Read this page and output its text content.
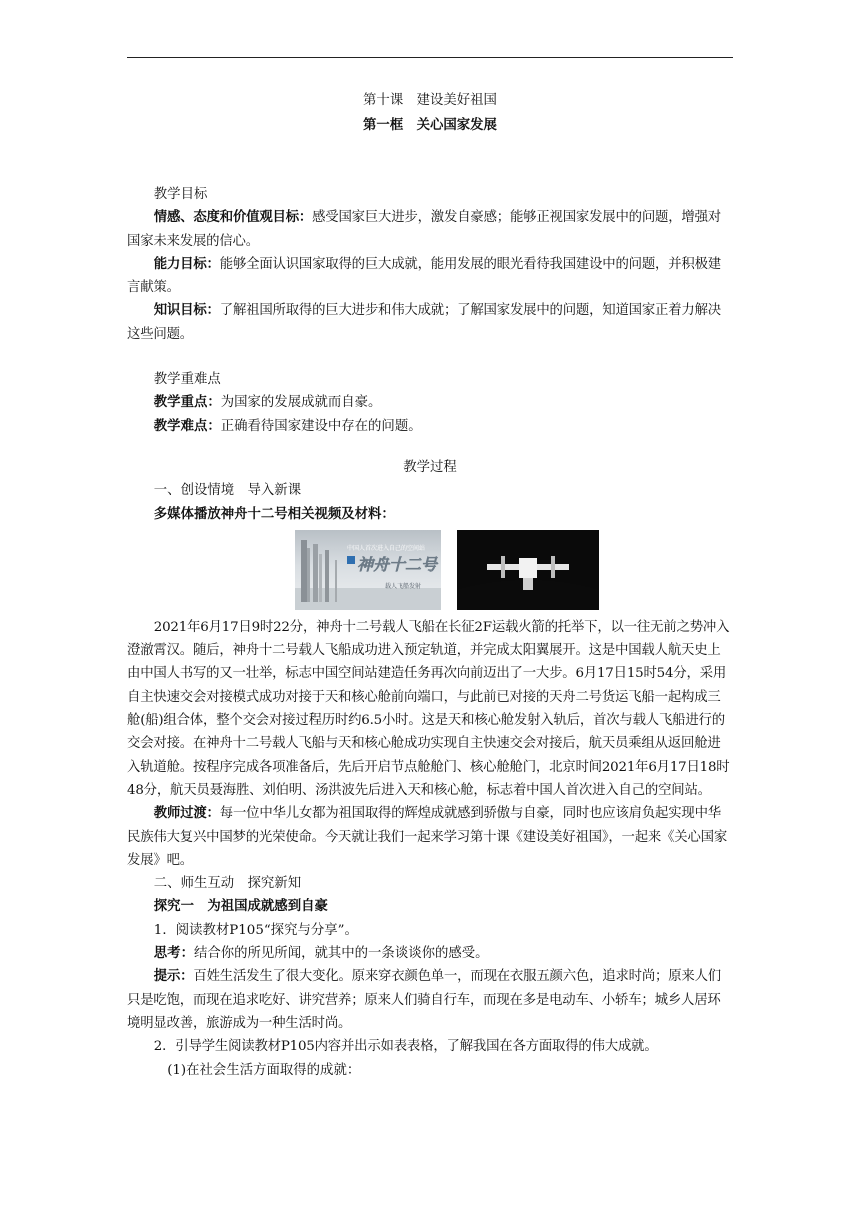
第十课　建设美好祖国

第一框　关心国家发展

教学目标

情感、态度和价值观目标：感受国家巨大进步，激发自豪感；能够正视国家发展中的问题，增强对国家未来发展的信心。

能力目标：能够全面认识国家取得的巨大成就，能用发展的眼光看待我国建设中的问题，并积极建言献策。

知识目标：了解祖国所取得的巨大进步和伟大成就；了解国家发展中的问题，知道国家正着力解决这些问题。

教学重难点

教学重点：为国家的发展成就而自豪。

教学难点：正确看待国家建设中存在的问题。

教学过程

一、创设情境　导入新课

多媒体播放神舟十二号相关视频及材料：

中国人首次进入自己的空间站
神舟十二号
载人飞船发射

2021年6月17日9时22分，神舟十二号载人飞船在长征2F运载火箭的托举下，以一往无前之势冲入澄澈霄汉。随后，神舟十二号载人飞船成功进入预定轨道，并完成太阳翼展开。这是中国载人航天史上由中国人书写的又一壮举，标志中国空间站建造任务再次向前迈出了一大步。6月17日15时54分，采用自主快速交会对接模式成功对接于天和核心舱前向端口，与此前已对接的天舟二号货运飞船一起构成三舱(船)组合体，整个交会对接过程历时约6.5小时。这是天和核心舱发射入轨后，首次与载人飞船进行的交会对接。在神舟十二号载人飞船与天和核心舱成功实现自主快速交会对接后，航天员乘组从返回舱进入轨道舱。按程序完成各项准备后，先后开启节点舱舱门、核心舱舱门，北京时间2021年6月17日18时48分，航天员聂海胜、刘伯明、汤洪波先后进入天和核心舱，标志着中国人首次进入自己的空间站。

教师过渡：每一位中华儿女都为祖国取得的辉煌成就感到骄傲与自豪，同时也应该肩负起实现中华民族伟大复兴中国梦的光荣使命。今天就让我们一起来学习第十课《建设美好祖国》，一起来《关心国家发展》吧。

二、师生互动　探究新知

探究一　为祖国成就感到自豪

1．阅读教材P105“探究与分享”。

思考：结合你的所见所闻，就其中的一条谈谈你的感受。

提示：百姓生活发生了很大变化。原来穿衣颜色单一，而现在衣服五颜六色，追求时尚；原来人们只是吃饱，而现在追求吃好、讲究营养；原来人们骑自行车，而现在多是电动车、小轿车；城乡人居环境明显改善，旅游成为一种生活时尚。

2．引导学生阅读教材P105内容并出示如表表格，了解我国在各方面取得的伟大成就。

(1)在社会生活方面取得的成就：
